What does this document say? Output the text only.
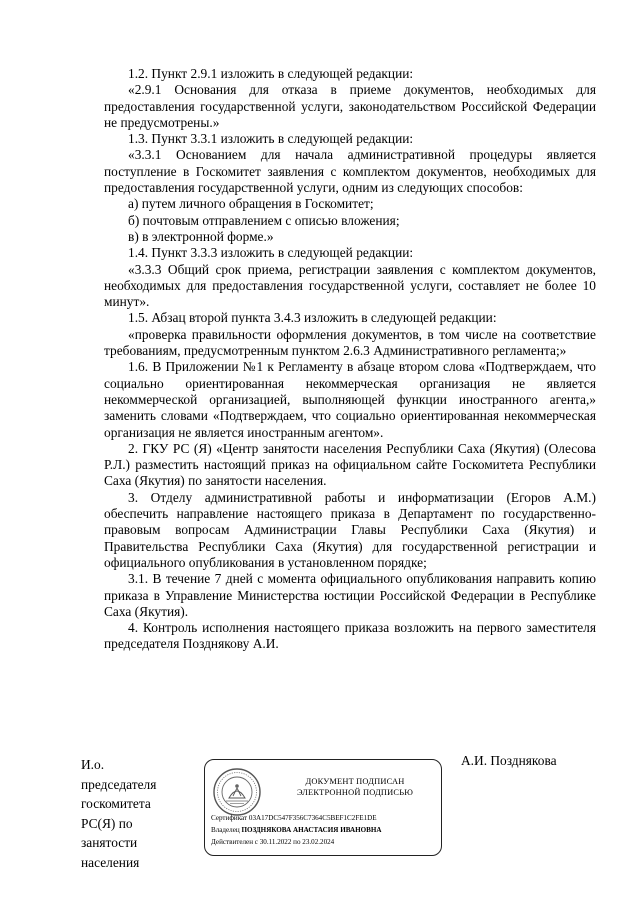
1.2. Пункт 2.9.1 изложить в следующей редакции:

«2.9.1 Основания для отказа в приеме документов, необходимых для предоставления государственной услуги, законодательством Российской Федерации не предусмотрены.»

1.3. Пункт 3.3.1 изложить в следующей редакции:

«3.3.1 Основанием для начала административной процедуры является поступление в Госкомитет заявления с комплектом документов, необходимых для предоставления государственной услуги, одним из следующих способов:

а) путем личного обращения в Госкомитет;

б) почтовым отправлением с описью вложения;

в) в электронной форме.»

1.4. Пункт 3.3.3 изложить в следующей редакции:

«3.3.3 Общий срок приема, регистрации заявления с комплектом документов, необходимых для предоставления государственной услуги, составляет не более 10 минут».

1.5. Абзац второй пункта 3.4.3 изложить в следующей редакции:

«проверка правильности оформления документов, в том числе на соответствие требованиям, предусмотренным пунктом 2.6.3 Административного регламента;»

1.6. В Приложении №1 к Регламенту в абзаце втором слова «Подтверждаем, что социально ориентированная некоммерческая организация не является некоммерческой организацией, выполняющей функции иностранного агента,» заменить словами «Подтверждаем, что социально ориентированная некоммерческая организация не является иностранным агентом».

2. ГКУ РС (Я) «Центр занятости населения Республики Саха (Якутия) (Олесова Р.Л.) разместить настоящий приказ на официальном сайте Госкомитета Республики Саха (Якутия) по занятости населения.

3. Отделу административной работы и информатизации (Егоров А.М.) обеспечить направление настоящего приказа в Департамент по государственно-правовым вопросам Администрации Главы Республики Саха (Якутия) и Правительства Республики Саха (Якутия) для государственной регистрации и официального опубликования в установленном порядке;

3.1. В течение 7 дней с момента официального опубликования направить копию приказа в Управление Министерства юстиции Российской Федерации в Республике Саха (Якутия).

4. Контроль исполнения настоящего приказа возложить на первого заместителя председателя Позднякову А.И.

И.о.
председателя
госкомитета
РС(Я) по
занятости
населения
А.И. Позднякова
ДОКУМЕНТ ПОДПИСАН
ЭЛЕКТРОННОЙ ПОДПИСЬЮ
Сертификат 03A17DC547F356C7364C5BEF1C2FE1DE
Владелец ПОЗДНЯКОВА АНАСТАСИЯ ИВАНОВНА
Действителен с 30.11.2022 по 23.02.2024
